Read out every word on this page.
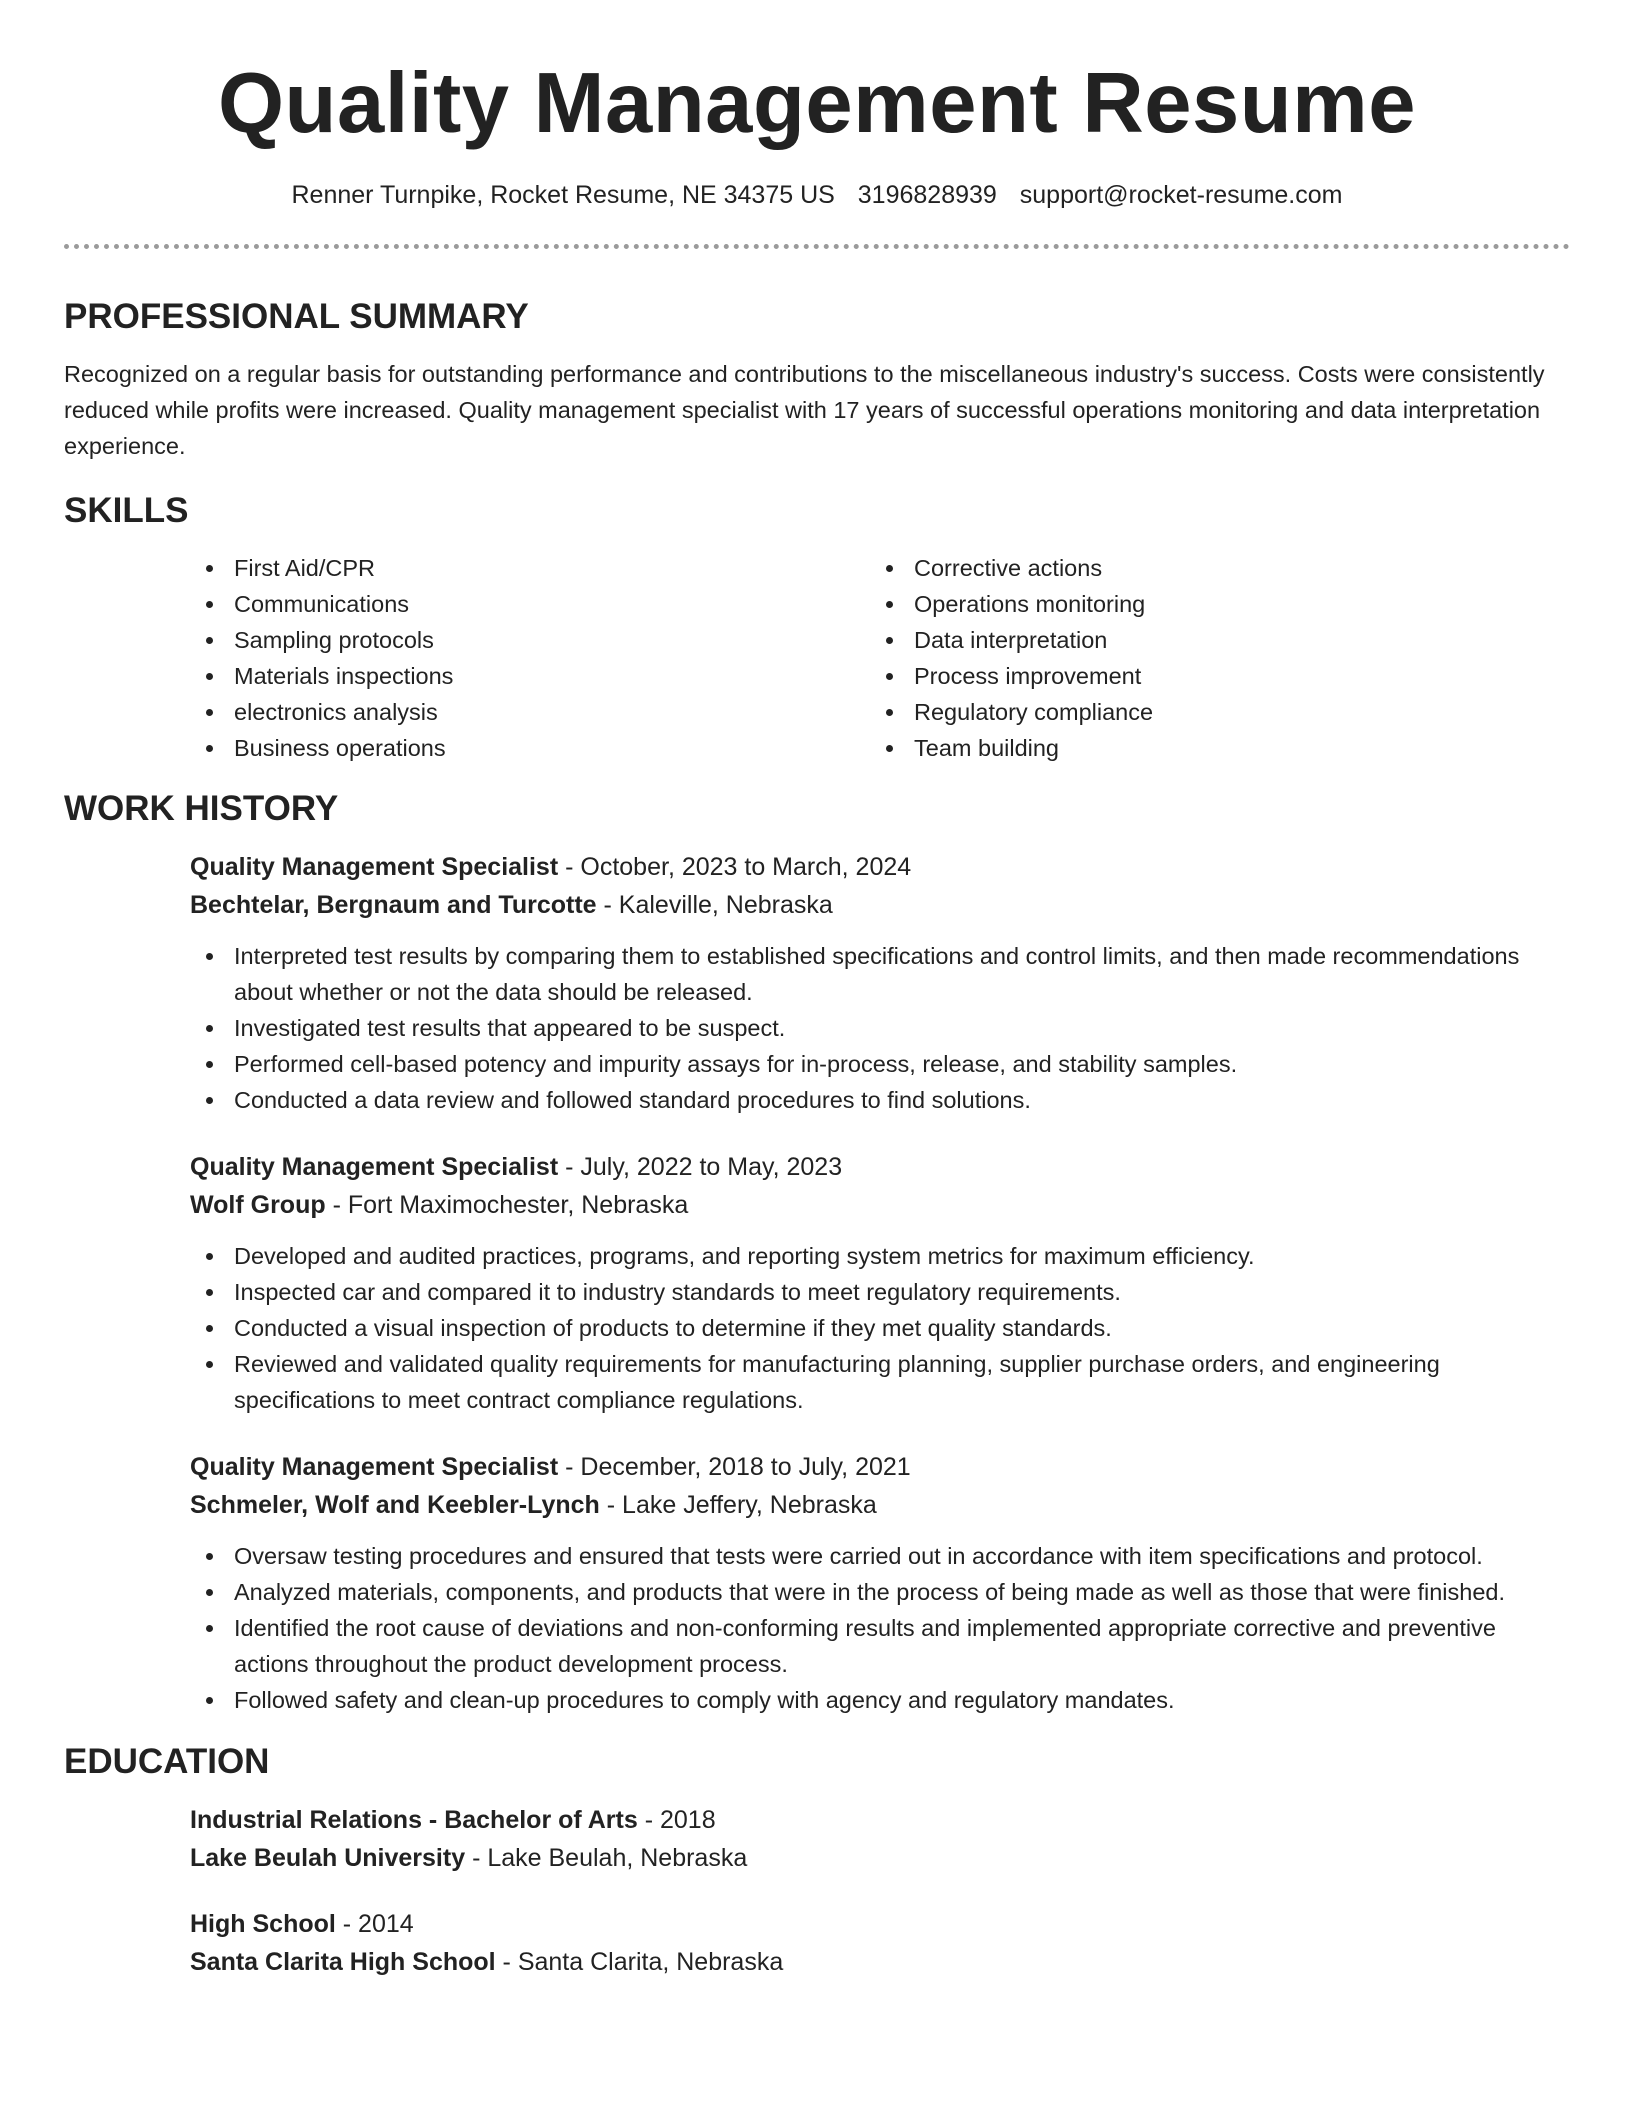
Quality Management Resume
Renner Turnpike, Rocket Resume, NE 34375 US 3196828939 support@rocket-resume.com
PROFESSIONAL SUMMARY

Recognized on a regular basis for outstanding performance and contributions to the miscellaneous industry's success. Costs were consistently reduced while profits were increased. Quality management specialist with 17 years of successful operations monitoring and data interpretation experience.

SKILLS
First Aid/CPR
Communications
Sampling protocols
Materials inspections
electronics analysis
Business operations
Corrective actions
Operations monitoring
Data interpretation
Process improvement
Regulatory compliance
Team building
WORK HISTORY
Quality Management Specialist - October, 2023 to March, 2024
Bechtelar, Bergnaum and Turcotte - Kaleville, Nebraska
Interpreted test results by comparing them to established specifications and control limits, and then made recommendations about whether or not the data should be released.
Investigated test results that appeared to be suspect.
Performed cell-based potency and impurity assays for in-process, release, and stability samples.
Conducted a data review and followed standard procedures to find solutions.
Quality Management Specialist - July, 2022 to May, 2023
Wolf Group - Fort Maximochester, Nebraska
Developed and audited practices, programs, and reporting system metrics for maximum efficiency.
Inspected car and compared it to industry standards to meet regulatory requirements.
Conducted a visual inspection of products to determine if they met quality standards.
Reviewed and validated quality requirements for manufacturing planning, supplier purchase orders, and engineering specifications to meet contract compliance regulations.
Quality Management Specialist - December, 2018 to July, 2021
Schmeler, Wolf and Keebler-Lynch - Lake Jeffery, Nebraska
Oversaw testing procedures and ensured that tests were carried out in accordance with item specifications and protocol.
Analyzed materials, components, and products that were in the process of being made as well as those that were finished.
Identified the root cause of deviations and non-conforming results and implemented appropriate corrective and preventive actions throughout the product development process.
Followed safety and clean-up procedures to comply with agency and regulatory mandates.
EDUCATION
Industrial Relations - Bachelor of Arts - 2018
Lake Beulah University - Lake Beulah, Nebraska
High School - 2014
Santa Clarita High School - Santa Clarita, Nebraska
